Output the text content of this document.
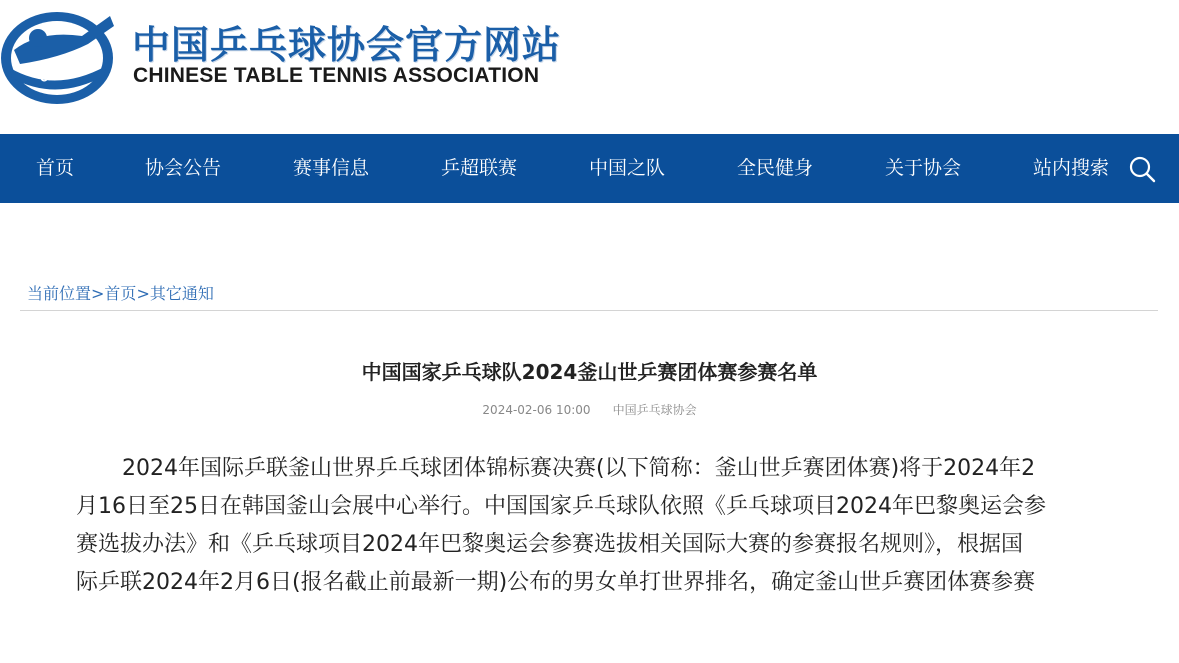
C.T.T.A.
中国乒乓球协会官方网站
CHINESE TABLE TENNIS ASSOCIATION
首页	协会公告	赛事信息	乒超联赛	中国之队	全民健身	关于协会	站内搜索
当前位置>首页>其它通知
中国国家乒乓球队2024釜山世乒赛团体赛参赛名单
2024-02-06 10:00 中国乒乓球协会
2024年国际乒联釜山世界乒乓球团体锦标赛决赛(以下简称：釜山世乒赛团体赛)将于2024年2
月16日至25日在韩国釜山会展中心举行。中国国家乒乓球队依照《乒乓球项目2024年巴黎奥运会参
赛选拔办法》和《乒乓球项目2024年巴黎奥运会参赛选拔相关国际大赛的参赛报名规则》，根据国
际乒联2024年2月6日(报名截止前最新一期)公布的男女单打世界排名，确定釜山世乒赛团体赛参赛
